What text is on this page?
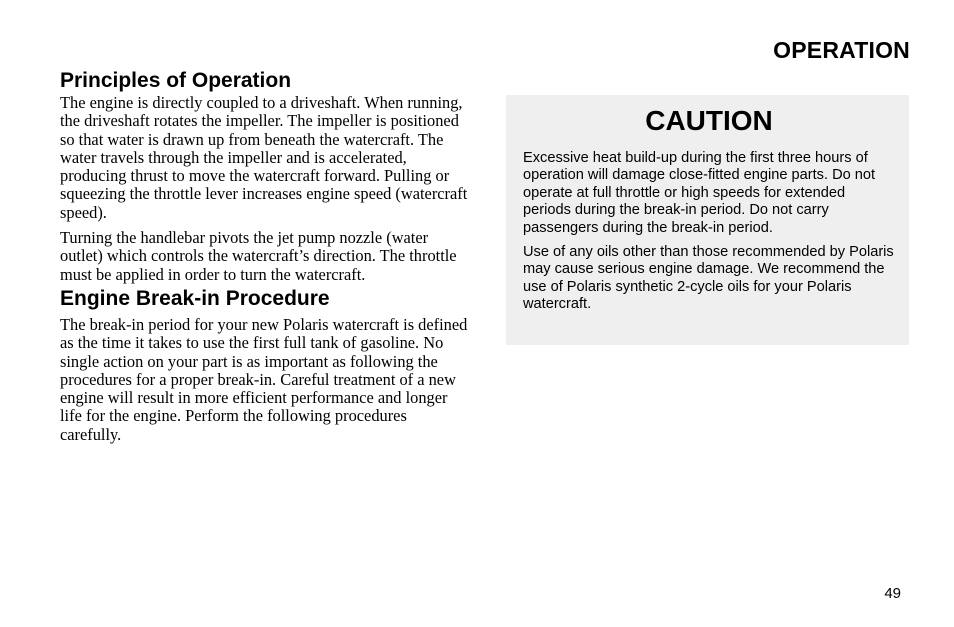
OPERATION
Principles of Operation

The engine is directly coupled to a driveshaft. When running, the driveshaft rotates the impeller. The impeller is positioned so that water is drawn up from beneath the watercraft. The water travels through the impeller and is accelerated, producing thrust to move the watercraft forward. Pulling or squeezing the throttle lever increases engine speed (watercraft speed).

Turning the handlebar pivots the jet pump nozzle (water outlet) which controls the watercraft’s direction. The throttle must be applied in order to turn the watercraft.

Engine Break-in Procedure

The break-in period for your new Polaris watercraft is defined as the time it takes to use the first full tank of gasoline. No single action on your part is as important as following the procedures for a proper break-in. Careful treatment of a new engine will result in more efficient performance and longer life for the engine. Perform the following procedures carefully.

CAUTION

Excessive heat build-up during the first three hours of operation will damage close-fitted engine parts. Do not operate at full throttle or high speeds for extended periods during the break-in period. Do not carry passengers during the break-in period.

Use of any oils other than those recommended by Polaris may cause serious engine damage. We recommend the use of Polaris synthetic 2-cycle oils for your Polaris watercraft.

49
